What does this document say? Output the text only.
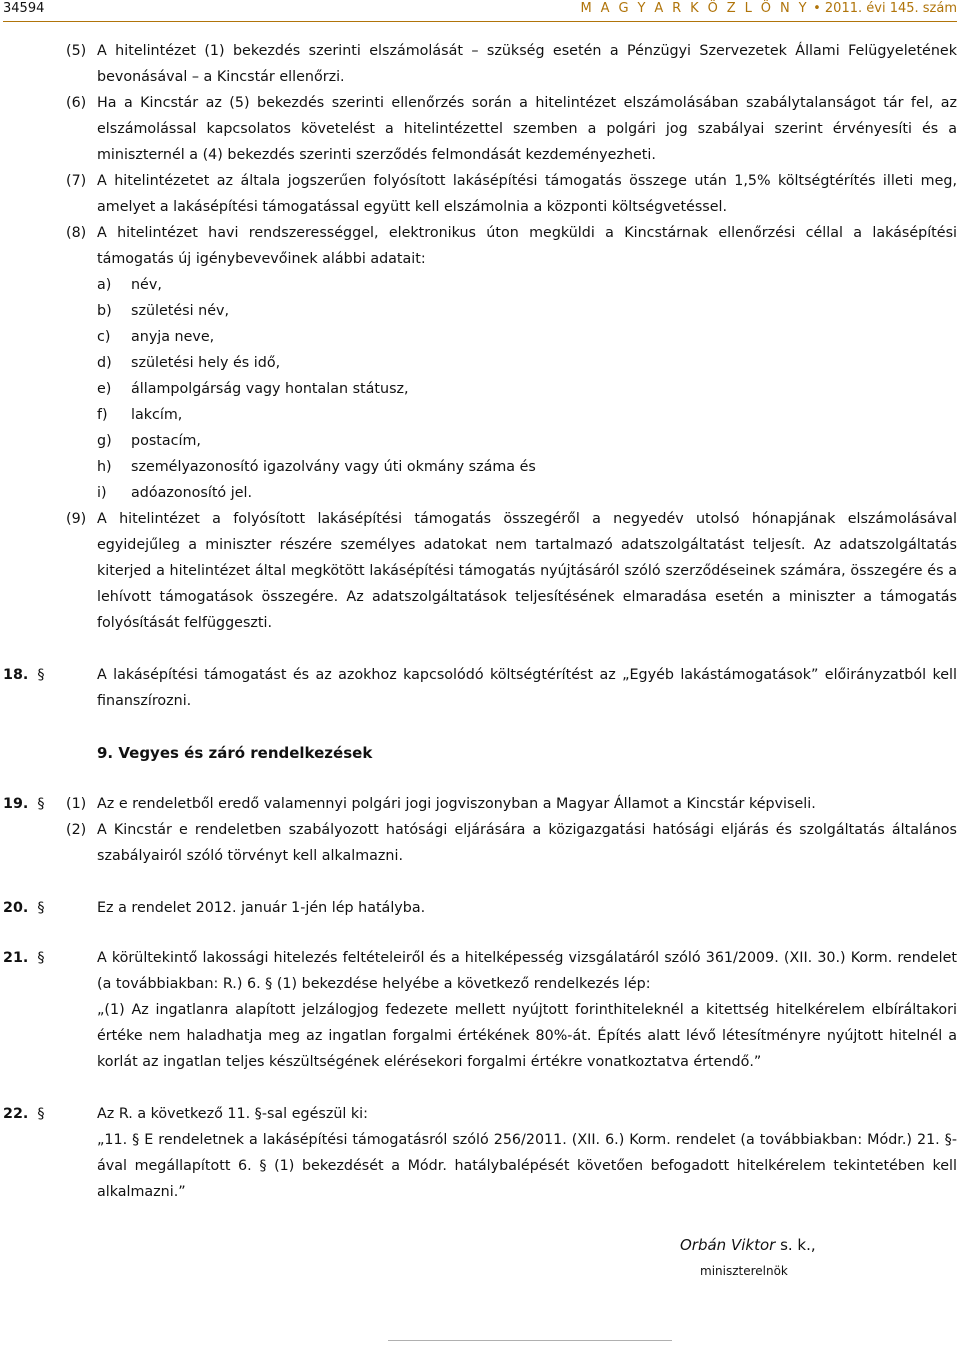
34594	M A G Y A R K Ö Z L Ö N Y • 2011. évi 145. szám
(5) A hitelintézet (1) bekezdés szerinti elszámolását – szükség esetén a Pénzügyi Szervezetek Állami Felügyeletének bevonásával – a Kincstár ellenőrzi.
(6) Ha a Kincstár az (5) bekezdés szerinti ellenőrzés során a hitelintézet elszámolásában szabálytalanságot tár fel, az elszámolással kapcsolatos követelést a hitelintézettel szemben a polgári jog szabályai szerint érvényesíti és a miniszternél a (4) bekezdés szerinti szerződés felmondását kezdeményezheti.
(7) A hitelintézetet az általa jogszerűen folyósított lakásépítési támogatás összege után 1,5% költségtérítés illeti meg, amelyet a lakásépítési támogatással együtt kell elszámolnia a központi költségvetéssel.
(8) A hitelintézet havi rendszerességgel, elektronikus úton megküldi a Kincstárnak ellenőrzési céllal a lakásépítési támogatás új igénybevevőinek alábbi adatait:
a) név,
b) születési név,
c) anyja neve,
d) születési hely és idő,
e) állampolgárság vagy hontalan státusz,
f) lakcím,
g) postacím,
h) személyazonosító igazolvány vagy úti okmány száma és
i) adóazonosító jel.
(9) A hitelintézet a folyósított lakásépítési támogatás összegéről a negyedév utolsó hónapjának elszámolásával egyidejűleg a miniszter részére személyes adatokat nem tartalmazó adatszolgáltatást teljesít. Az adatszolgáltatás kiterjed a hitelintézet által megkötött lakásépítési támogatás nyújtásáról szóló szerződéseinek számára, összegére és a lehívott támogatások összegére. Az adatszolgáltatások teljesítésének elmaradása esetén a miniszter a támogatás folyósítását felfüggeszti.
18. §	A lakásépítési támogatást és az azokhoz kapcsolódó költségtérítést az „Egyéb lakástámogatások” előirányzatból kell finanszírozni.
9. Vegyes és záró rendelkezések
19. § (1) Az e rendeletből eredő valamennyi polgári jogi jogviszonyban a Magyar Államot a Kincstár képviseli.
(2) A Kincstár e rendeletben szabályozott hatósági eljárására a közigazgatási hatósági eljárás és szolgáltatás általános szabályairól szóló törvényt kell alkalmazni.
20. §	Ez a rendelet 2012. január 1-jén lép hatályba.
21. §	A körültekintő lakossági hitelezés feltételeiről és a hitelképesség vizsgálatáról szóló 361/2009. (XII. 30.) Korm. rendelet (a továbbiakban: R.) 6. § (1) bekezdése helyébe a következő rendelkezés lép:
„(1) Az ingatlanra alapított jelzálogjog fedezete mellett nyújtott forinthiteleknél a kitettség hitelkérelem elbíráltakori értéke nem haladhatja meg az ingatlan forgalmi értékének 80%-át. Építés alatt lévő létesítményre nyújtott hitelnél a korlát az ingatlan teljes készültségének elérésekori forgalmi értékre vonatkoztatva értendő.”
22. §	Az R. a következő 11. §-sal egészül ki:
„11. § E rendeletnek a lakásépítési támogatásról szóló 256/2011. (XII. 6.) Korm. rendelet (a továbbiakban: Módr.) 21. §-ával megállapított 6. § (1) bekezdését a Módr. hatálybalépését követően befogadott hitelkérelem tekintetében kell alkalmazni.”
Orbán Viktor s. k.,
miniszterelnök
